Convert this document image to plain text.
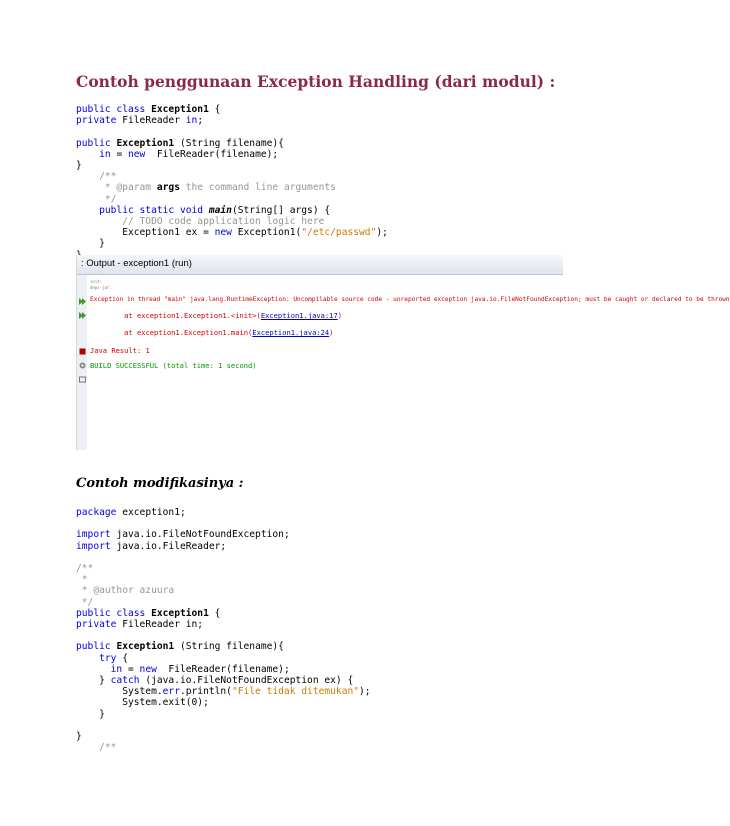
Contoh penggunaan Exception Handling (dari modul) :
public class Exception1 {
private FileReader in;

public Exception1 (String filename){
in = new  FileReader(filename);
}
/**
* @param args the command line arguments
*/
public static void main(String[] args) {
// TODO code application logic here
Exception1 ex = new Exception1("/etc/passwd");
}

: Output - exception1 (run)
init:
deps-jar:
Exception in thread "main" java.lang.RuntimeException: Uncompilable source code - unreported exception java.io.FileNotFoundException; must be caught or declared to be thrown
at exception1.Exception1.<init>(Exception1.java:17)
at exception1.Exception1.main(Exception1.java:24)
Java Result: 1
BUILD SUCCESSFUL (total time: 1 second)
Contoh modifikasinya :
package exception1;

import java.io.FileNotFoundException;
import java.io.FileReader;

/**
*
* @author azuura
*/
public class Exception1 {
private FileReader in;

public Exception1 (String filename){
try {
in = new  FileReader(filename);
} catch (java.io.FileNotFoundException ex) {
System.err.println("File tidak ditemukan");
System.exit(0);
}

}
/**
